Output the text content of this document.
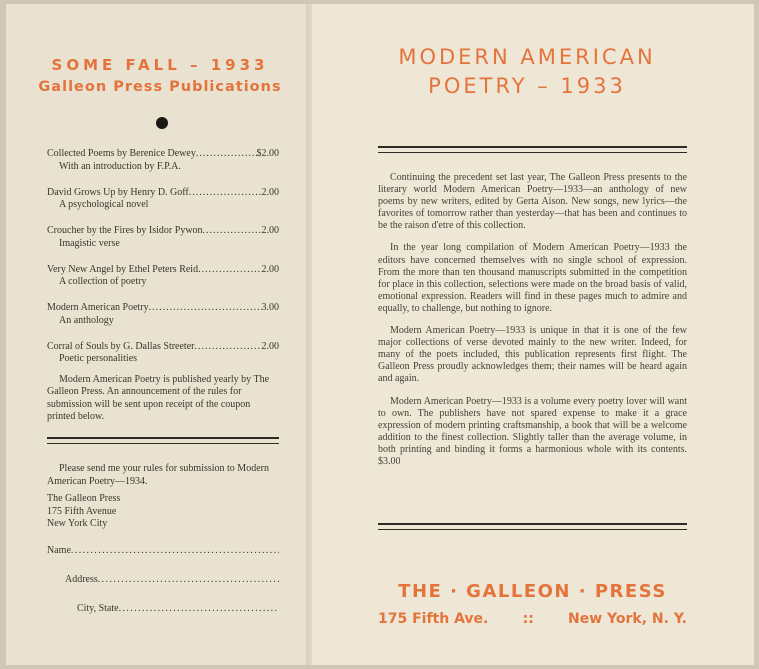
SOME FALL – 1933
Galleon Press Publications
Collected Poems by Berenice Dewey .....	$2.00
With an introduction by F.P.A.
David Grows Up by Henry D. Goff .....	2.00
A psychological novel
Croucher by the Fires by Isidor Pywon .....	2.00
Imagistic verse
Very New Angel by Ethel Peters Reid .....	2.00
A collection of poetry
Modern American Poetry .....	3.00
An anthology
Corral of Souls by G. Dallas Streeter .....	2.00
Poetic personalities
Modern American Poetry is published yearly by The Galleon Press. An announcement of the rules for submission will be sent upon receipt of the coupon printed below.
Please send me your rules for submission to Modern American Poetry—1934.
The Galleon Press
175 Fifth Avenue
New York City
Name
.....
Address
.....
City, State
.....
MODERN AMERICAN
POETRY – 1933

Continuing the precedent set last year, The Galleon Press presents to the literary world Modern American Poetry—1933—an anthology of new poems by new writers, edited by Gerta Aison. New songs, new lyrics—the favorites of tomorrow rather than yesterday—that has been and continues to be the raison d'etre of this collection.

In the year long compilation of Modern American Poetry—1933 the editors have concerned themselves with no single school of expression. From the more than ten thousand manuscripts submitted in the competition for place in this collection, selections were made on the broad basis of valid, emotional expression. Readers will find in these pages much to admire and equally, to challenge, but nothing to ignore.

Modern American Poetry—1933 is unique in that it is one of the few major collections of verse devoted mainly to the new writer. Indeed, for many of the poets included, this publication represents first flight. The Galleon Press proudly acknowledges them; their names will be heard again and again.

Modern American Poetry—1933 is a volume every poetry lover will want to own. The publishers have not spared expense to make it a grace expression of modern printing craftsmanship, a book that will be a welcome addition to the finest collection. Slightly taller than the average volume, in both printing and binding it forms a harmonious whole with its contents. $3.00

THE · GALLEON · PRESS
175 Fifth Ave. :: New York, N. Y.
